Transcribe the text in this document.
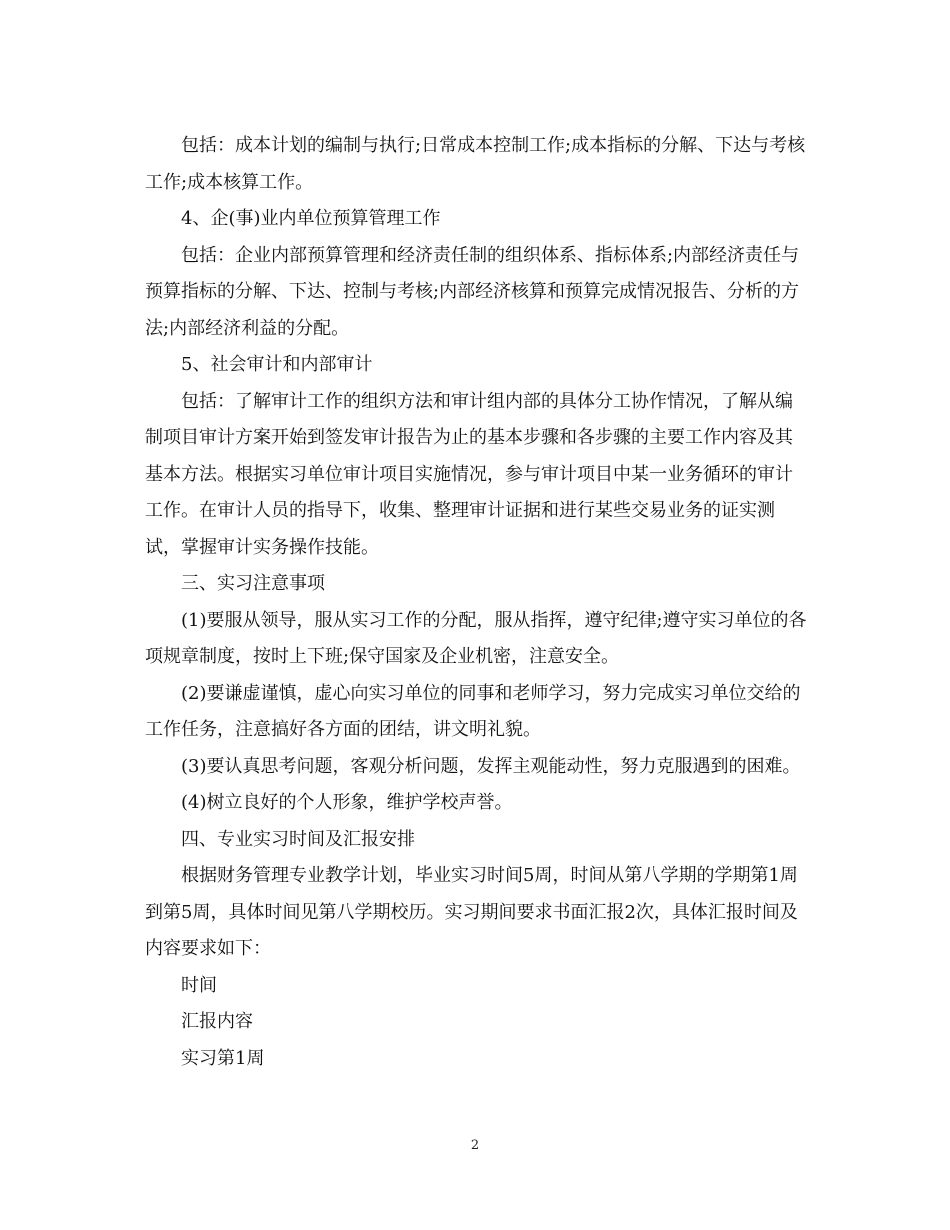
包括：成本计划的编制与执行;日常成本控制工作;成本指标的分解、下达与考核工作;成本核算工作。

4、企(事)业内单位预算管理工作

包括：企业内部预算管理和经济责任制的组织体系、指标体系;内部经济责任与预算指标的分解、下达、控制与考核;内部经济核算和预算完成情况报告、分析的方法;内部经济利益的分配。

5、社会审计和内部审计

包括：了解审计工作的组织方法和审计组内部的具体分工协作情况，了解从编制项目审计方案开始到签发审计报告为止的基本步骤和各步骤的主要工作内容及其基本方法。根据实习单位审计项目实施情况，参与审计项目中某一业务循环的审计工作。在审计人员的指导下，收集、整理审计证据和进行某些交易业务的证实测试，掌握审计实务操作技能。

三、实习注意事项

(1)要服从领导，服从实习工作的分配，服从指挥，遵守纪律;遵守实习单位的各项规章制度，按时上下班;保守国家及企业机密，注意安全。

(2)要谦虚谨慎，虚心向实习单位的同事和老师学习，努力完成实习单位交给的工作任务，注意搞好各方面的团结，讲文明礼貌。

(3)要认真思考问题，客观分析问题，发挥主观能动性，努力克服遇到的困难。

(4)树立良好的个人形象，维护学校声誉。

四、专业实习时间及汇报安排

根据财务管理专业教学计划，毕业实习时间5周，时间从第八学期的学期第1周到第5周，具体时间见第八学期校历。实习期间要求书面汇报2次，具体汇报时间及内容要求如下：

时间

汇报内容

实习第1周

2
